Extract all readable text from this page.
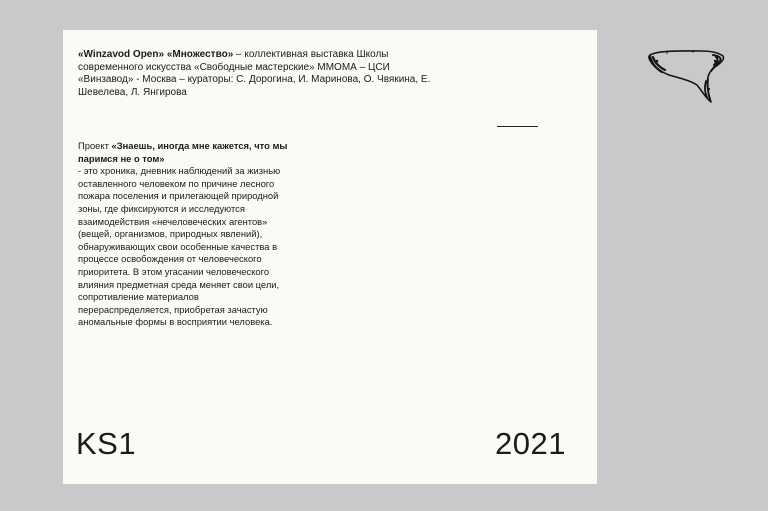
«Winzavod Open» «Множество» – коллективная выставка Школы современного искусства «Свободные мастерские» ММОМА – ЦСИ «Винзавод» - Москва – кураторы: С. Дорогина, И. Маринова, О. Чвякина, Е. Шевелева, Л. Янгирова

Проект «Знаешь, иногда мне кажется, что мы паримся не о том»
- это хроника, дневник наблюдений за жизнью оставленного человеком по причине лесного пожара поселения и прилегающей природной зоны, где фиксируются и исследуются взаимодействия «нечеловеческих агентов» (вещей, организмов, природных явлений), обнаруживающих свои особенные качества в процессе освобождения от человеческого приоритета. В этом угасании человеческого влияния предметная среда меняет свои цели, сопротивление материалов перераспределяется, приобретая зачастую аномальные формы в восприятии человека.

KS1	2021
